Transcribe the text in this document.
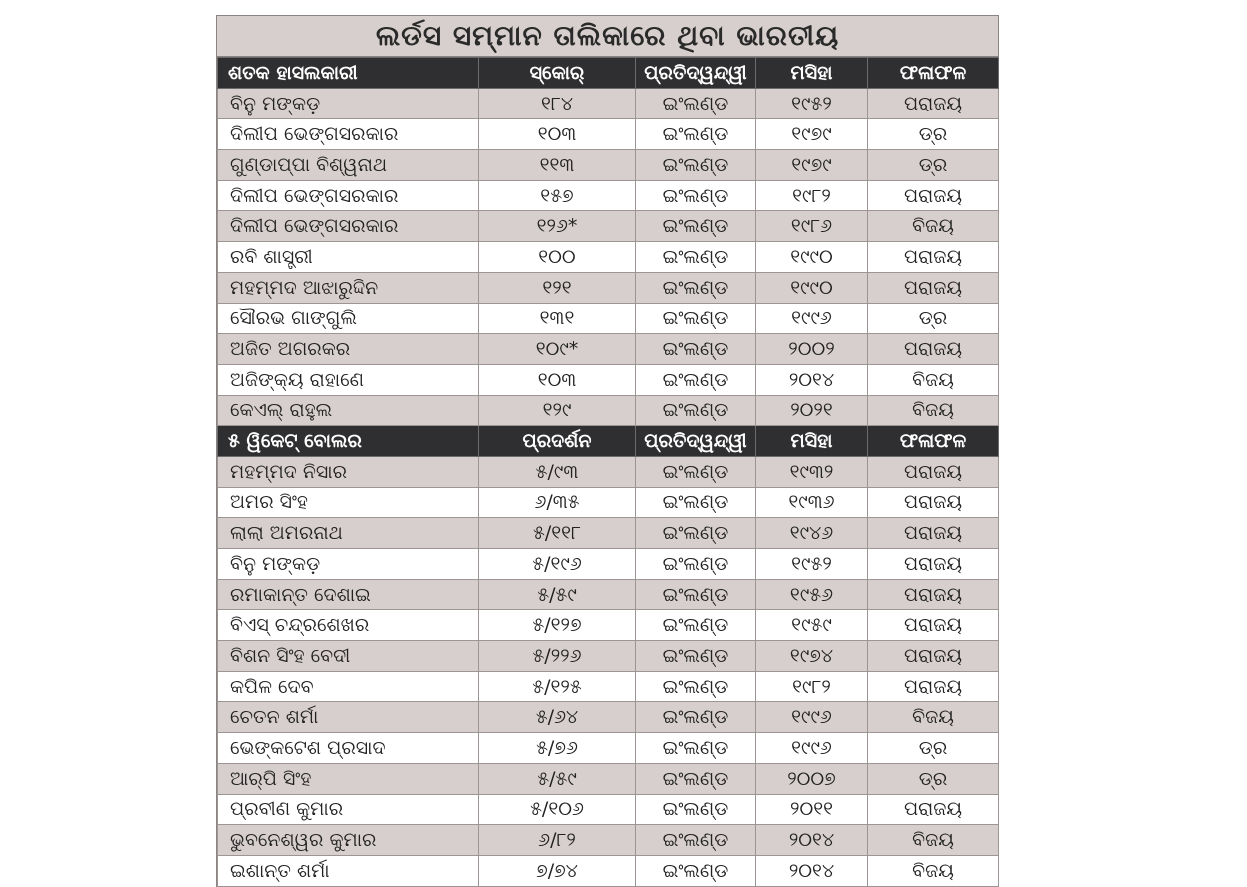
ଲର୍ଡସ ସମ୍ମାନ ତାଲିକାରେ ଥିବା ଭାରତୀୟ
ଶତକ ହାସଲକାରୀ	ସ୍କୋର୍	ପ୍ରତିଦ୍ୱନ୍ଦ୍ୱୀ	ମସିହା	ଫଳାଫଳ
ବିନୁ ମଙ୍କଡ଼	୧୮୪	ଇଂଲଣ୍ଡ	୧୯୫୨	ପରାଜୟ
ଦିଲୀପ ଭେଙ୍ଗସରକାର	୧୦୩	ଇଂଲଣ୍ଡ	୧୯୭୯	ଡ୍ର
ଗୁଣ୍ଡାପ୍ପା ବିଶ୍ୱନାଥ	୧୧୩	ଇଂଲଣ୍ଡ	୧୯୭୯	ଡ୍ର
ଦିଲୀପ ଭେଙ୍ଗସରକାର	୧୫୭	ଇଂଲଣ୍ଡ	୧୯୮୨	ପରାଜୟ
ଦିଲୀପ ଭେଙ୍ଗସରକାର	୧୨୬*	ଇଂଲଣ୍ଡ	୧୯୮୬	ବିଜୟ
ରବି ଶାସ୍ତ୍ରୀ	୧୦୦	ଇଂଲଣ୍ଡ	୧୯୯୦	ପରାଜୟ
ମହମ୍ମଦ ଆଝାରୁଦ୍ଦିନ	୧୨୧	ଇଂଲଣ୍ଡ	୧୯୯୦	ପରାଜୟ
ସୌରଭ ଗାଙ୍ଗୁଲି	୧୩୧	ଇଂଲଣ୍ଡ	୧୯୯୬	ଡ୍ର
ଅଜିତ ଅଗରକର	୧୦୯*	ଇଂଲଣ୍ଡ	୨୦୦୨	ପରାଜୟ
ଅଜିଙ୍କ୍ୟ ରାହାଣେ	୧୦୩	ଇଂଲଣ୍ଡ	୨୦୧୪	ବିଜୟ
କେଏଲ୍ ରାହୁଲ	୧୨୯	ଇଂଲଣ୍ଡ	୨୦୨୧	ବିଜୟ
୫ ୱିକେଟ୍ ବୋଲର	ପ୍ରଦର୍ଶନ	ପ୍ରତିଦ୍ୱନ୍ଦ୍ୱୀ	ମସିହା	ଫଳାଫଳ
ମହମ୍ମଦ ନିସାର	୫/୯୩	ଇଂଲଣ୍ଡ	୧୯୩୨	ପରାଜୟ
ଅମର ସିଂହ	୬/୩୫	ଇଂଲଣ୍ଡ	୧୯୩୬	ପରାଜୟ
ଲାଲା ଅମରନାଥ	୫/୧୧୮	ଇଂଲଣ୍ଡ	୧୯୪୬	ପରାଜୟ
ବିନୁ ମଙ୍କଡ଼	୫/୧୯୬	ଇଂଲଣ୍ଡ	୧୯୫୨	ପରାଜୟ
ରମାକାନ୍ତ ଦେଶାଇ	୫/୫୯	ଇଂଲଣ୍ଡ	୧୯୫୬	ପରାଜୟ
ବିଏସ୍ ଚନ୍ଦ୍ରଶେଖର	୫/୧୨୭	ଇଂଲଣ୍ଡ	୧୯୫୯	ପରାଜୟ
ବିଶନ ସିଂହ ବେଦୀ	୫/୨୨୬	ଇଂଲଣ୍ଡ	୧୯୭୪	ପରାଜୟ
କପିଳ ଦେବ	୫/୧୨୫	ଇଂଲଣ୍ଡ	୧୯୮୨	ପରାଜୟ
ଚେତନ ଶର୍ମା	୫/୬୪	ଇଂଲଣ୍ଡ	୧୯୯୬	ବିଜୟ
ଭେଙ୍କଟେଶ ପ୍ରସାଦ	୫/୭୬	ଇଂଲଣ୍ଡ	୧୯୯୬	ଡ୍ର
ଆର୍‌ପି ସିଂହ	୫/୫୯	ଇଂଲଣ୍ଡ	୨୦୦୭	ଡ୍ର
ପ୍ରବୀଣ କୁମାର	୫/୧୦୬	ଇଂଲଣ୍ଡ	୨୦୧୧	ପରାଜୟ
ଭୁବନେଶ୍ୱର କୁମାର	୬/୮୨	ଇଂଲଣ୍ଡ	୨୦୧୪	ବିଜୟ
ଇଶାନ୍ତ ଶର୍ମା	୭/୭୪	ଇଂଲଣ୍ଡ	୨୦୧୪	ବିଜୟ
